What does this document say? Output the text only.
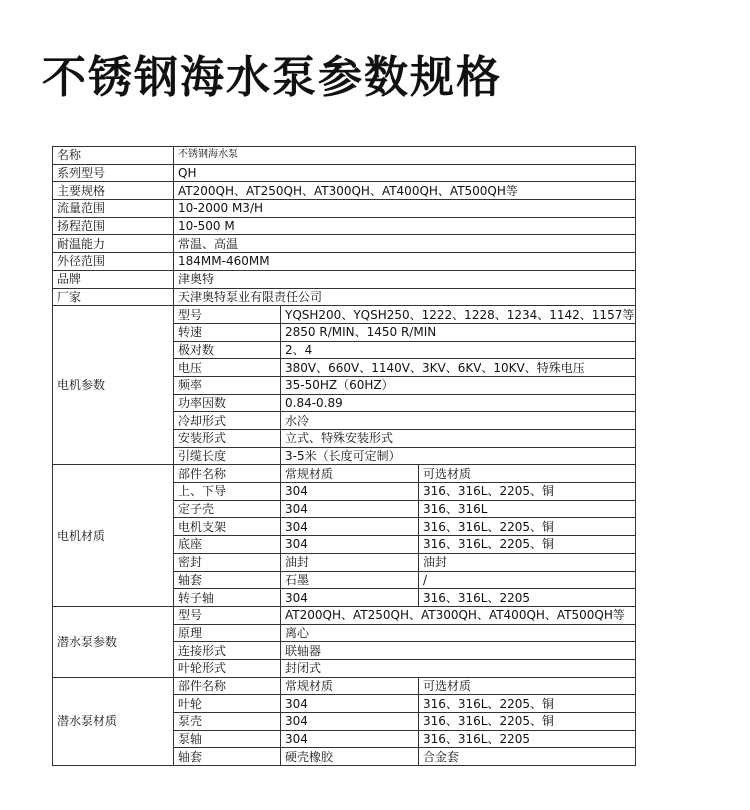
不锈钢海水泵参数规格
名称	不锈钢海水泵		
系列型号	QH		
主要规格	AT200QH、AT250QH、AT300QH、AT400QH、AT500QH等		
流量范围	10-2000 M3/H		
扬程范围	10-500 M		
耐温能力	常温、高温		
外径范围	184MM-460MM		
品牌	津奥特		
厂家	天津奥特泵业有限责任公司		
电机参数	型号	YQSH200、YQSH250、1222、1228、1234、1142、1157等	
	转速	2850 R/MIN、1450 R/MIN	
	极对数	2、4	
	电压	380V、660V、1140V、3KV、6KV、10KV、特殊电压	
	频率	35-50HZ（60HZ）	
	功率因数	0.84-0.89	
	冷却形式	水冷	
	安装形式	立式、特殊安装形式	
	引缆长度	3-5米（长度可定制）	
电机材质	部件名称	常规材质	可选材质
	上、下导	304	316、316L、2205、铜
	定子壳	304	316、316L
	电机支架	304	316、316L、2205、铜
	底座	304	316、316L、2205、铜
	密封	油封	油封
	轴套	石墨	/
	转子轴	304	316、316L、2205
潜水泵参数	型号	AT200QH、AT250QH、AT300QH、AT400QH、AT500QH等	
	原理	离心	
	连接形式	联轴器	
	叶轮形式	封闭式	
潜水泵材质	部件名称	常规材质	可选材质
	叶轮	304	316、316L、2205、铜
	泵壳	304	316、316L、2205、铜
	泵轴	304	316、316L、2205
	轴套	硬壳橡胶	合金套
